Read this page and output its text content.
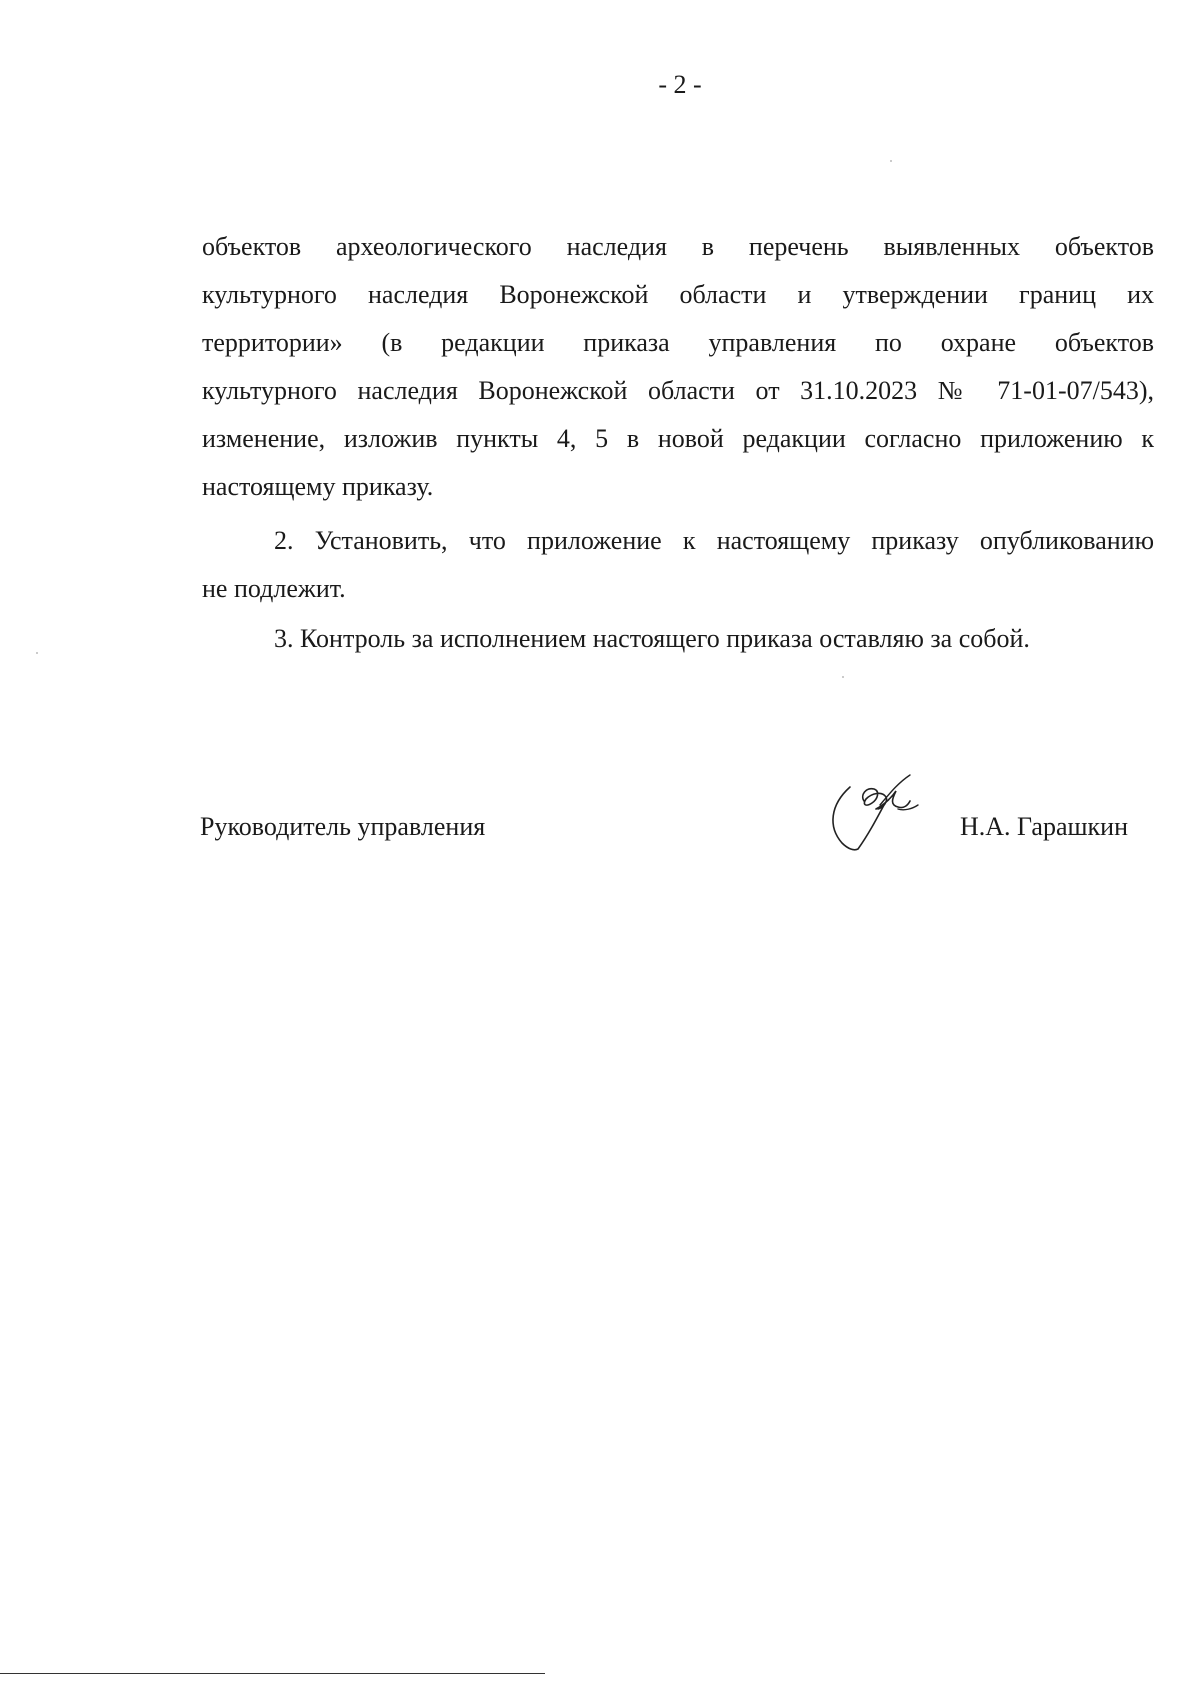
- 2 -
объектов археологического наследия в перечень выявленных объектов
культурного наследия Воронежской области и утверждении границ их
территории» (в редакции приказа управления по охране объектов
культурного наследия Воронежской области от 31.10.2023 № 71-01-07/543),
изменение, изложив пункты 4, 5 в новой редакции согласно приложению к
настоящему приказу.
2. Установить, что приложение к настоящему приказу опубликованию
не подлежит.
3. Контроль за исполнением настоящего приказа оставляю за собой.
Руководитель управления	Н.А. Гарашкин
